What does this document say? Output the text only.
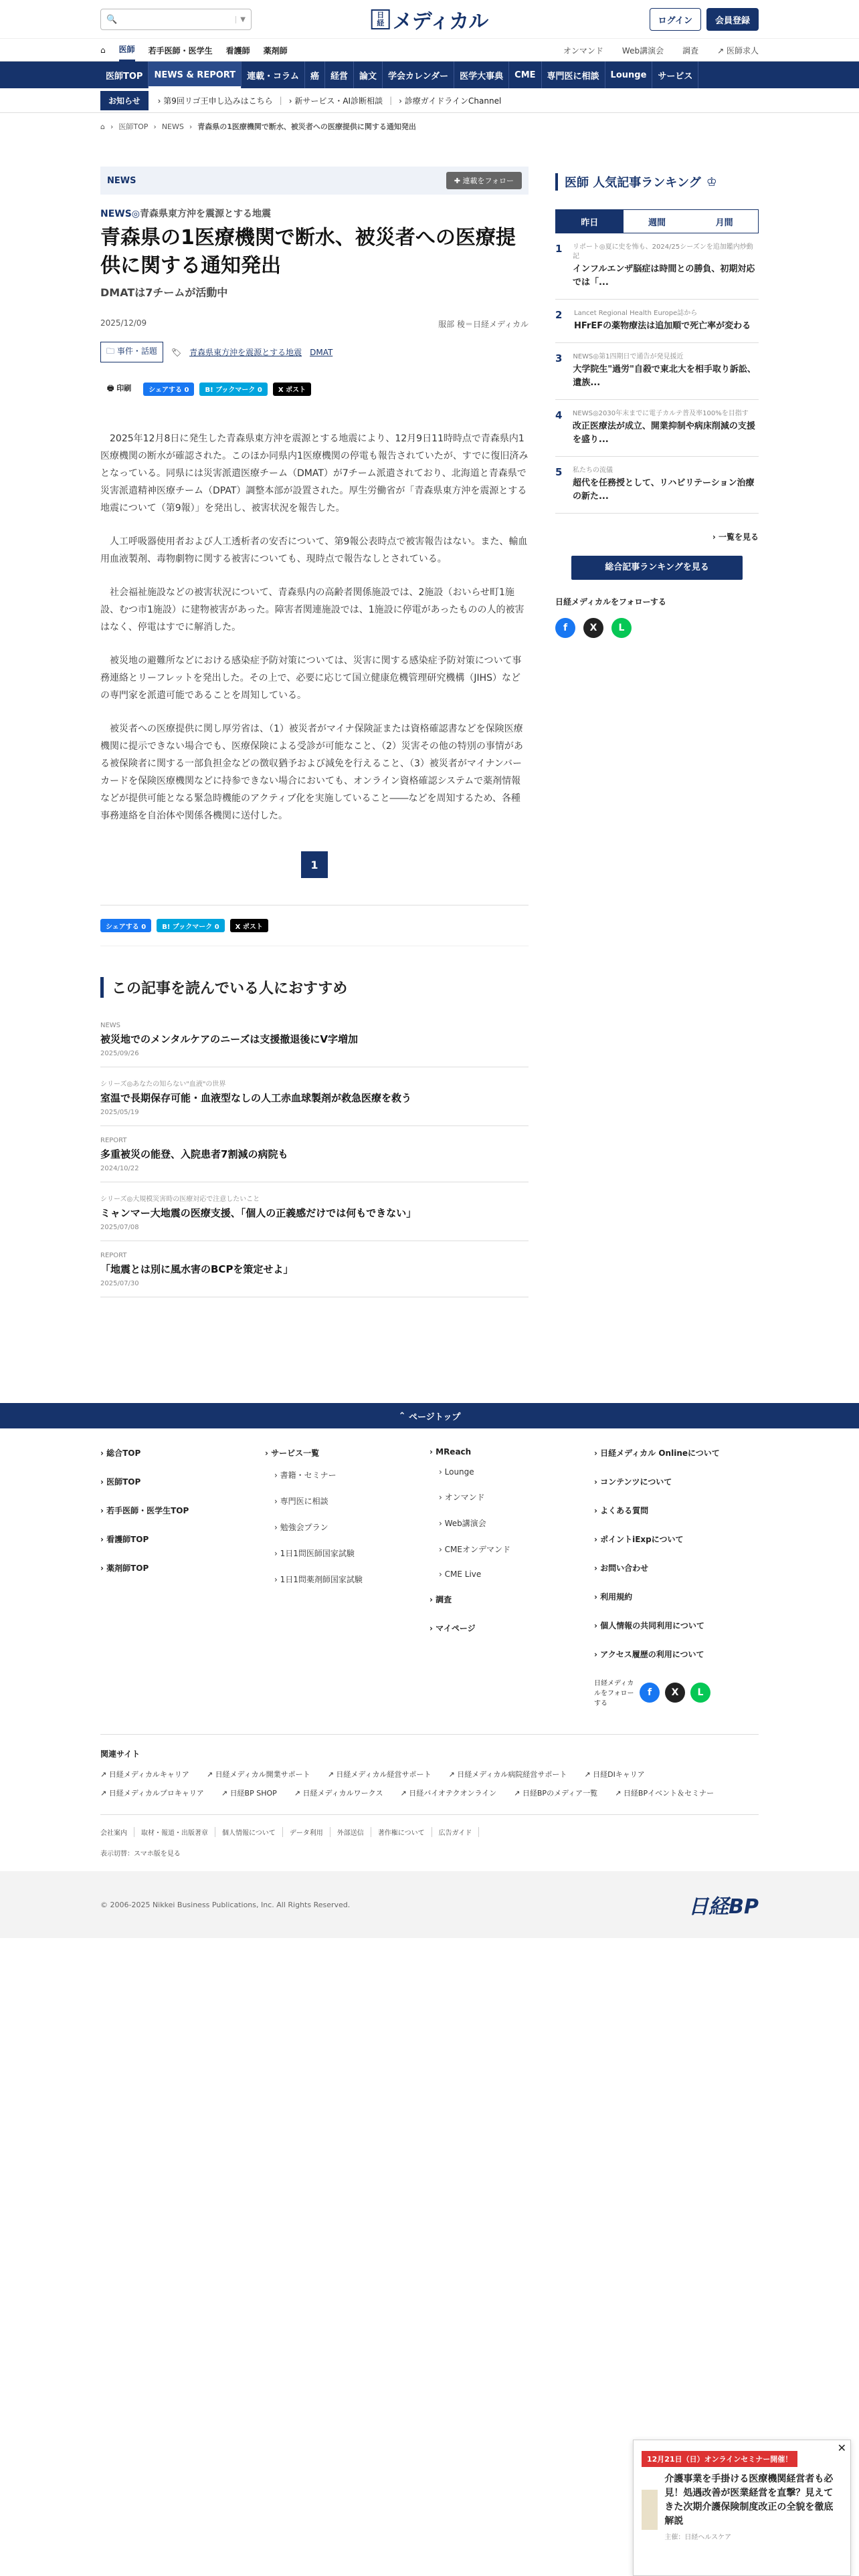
🔍	▼	日経 メディカル	ログイン	会員登録
⌂ 医師 若手医師・医学生 看護師 薬剤師	オンマンド Web講演会 調査 ↗ 医師求人
医師TOP	NEWS & REPORT	連載・コラム	癌	経営	論文	学会カレンダー	医学大事典	CME	専門医に相談	Lounge	サービス
お知らせ	› 第9回リゴ王申し込みはこちら | › 新サービス・AI診断相談 | › 診療ガイドラインChannel
⌂ › 医師TOP › NEWS › 青森県の1医療機関で断水、被災者への医療提供に関する通知発出
NEWS	✚ 連載をフォロー
NEWS◎青森県東方沖を震源とする地震
青森県の1医療機関で断水、被災者への医療提供に関する通知発出
DMATは7チームが活動中
2025/12/09	服部 稜＝日経メディカル
🗀 事件・話題	🏷 青森県東方沖を震源とする地震 DMAT
🖶 印刷	シェアする 0	B! ブックマーク 0	X ポスト

2025年12月8日に発生した青森県東方沖を震源とする地震により、12月9日11時時点で青森県内1医療機関の断水が確認された。このほか同県内1医療機関の停電も報告されていたが、すでに復旧済みとなっている。同県には災害派遣医療チーム（DMAT）が7チーム派遣されており、北海道と青森県で災害派遣精神医療チーム（DPAT）調整本部が設置された。厚生労働省が「青森県東方沖を震源とする地震について（第9報）」を発出し、被害状況を報告した。

人工呼吸器使用者および人工透析者の安否について、第9報公表時点で被害報告はない。また、輸血用血液製剤、毒物劇物に関する被害についても、現時点で報告なしとされている。

社会福祉施設などの被害状況について、青森県内の高齢者関係施設では、2施設（おいらせ町1施設、むつ市1施設）に建物被害があった。障害者関連施設では、1施設に停電があったものの人的被害はなく、停電はすでに解消した。

被災地の避難所などにおける感染症予防対策については、災害に関する感染症予防対策について事務連絡とリーフレットを発出した。その上で、必要に応じて国立健康危機管理研究機構（JIHS）などの専門家を派遣可能であることを周知している。

被災者への医療提供に関し厚労省は、（1）被災者がマイナ保険証または資格確認書などを保険医療機関に提示できない場合でも、医療保険による受診が可能なこと、（2）災害その他の特別の事情がある被保険者に関する一部負担金などの徴収猶予および減免を行えること、（3）被災者がマイナンバーカードを保険医療機関などに持参できない場合においても、オンライン資格確認システムで薬剤情報などが提供可能となる緊急時機能のアクティブ化を実施していること――などを周知するため、各種事務連絡を自治体や関係各機関に送付した。

1
シェアする 0	B! ブックマーク 0	X ポスト
この記事を読んでいる人におすすめ
NEWS
被災地でのメンタルケアのニーズは支援撤退後にV字増加
2025/09/26
シリーズ◎あなたの知らない"血液"の世界
室温で長期保存可能・血液型なしの人工赤血球製剤が救急医療を救う
2025/05/19
REPORT
多重被災の能登、入院患者7割減の病院も
2024/10/22
シリーズ◎大規模災害時の医療対応で注意したいこと
ミャンマー大地震の医療支援、「個人の正義感だけでは何もできない」
2025/07/08
REPORT
「地震とは別に風水害のBCPを策定せよ」
2025/07/30
医師 人気記事ランキング ♔
昨日	週間	月間
1 リポート◎夏に史を怖も、2024/25シーズンを追加鑑内炒動記
インフルエンザ脳症は時間との勝負、初期対応では「...
2	Lancet Regional Health Europe誌から
HFrEFの薬物療法は追加順で死亡率が変わる
3 NEWS◎第1四期日で通告が発見援近
大学院生"過労"自殺で東北大を相手取り訴訟、遺族...
4 NEWS◎2030年末までに電子カルテ普及率100%を目指す
改正医療法が成立、開業抑制や病床削減の支援を盛り...
5 私たちの流儀
超代を任務授として、リハビリテーション治療の新た...
› 一覧を見る
総合記事ランキングを見る
日経メディカルをフォローする
f	X	L
⌃
ページトップ
› 総合TOP
› 医師TOP
› 若手医師・医学生TOP
› 看護師TOP
› 薬剤師TOP
› サービス一覧
› 書籍・セミナー
› 専門医に相談
› 勉強会プラン
› 1日1問医師国家試験
› 1日1問薬剤師国家試験
› MReach
› Lounge
› オンマンド
› Web講演会
› CMEオンデマンド
› CME Live
› 調査
› マイページ
› 日経メディカル Onlineについて
› コンテンツについて
› よくある質問
› ポイントiExpについて
› お問い合わせ
› 利用規約
› 個人情報の共同利用について
› アクセス履歴の利用について
日経メディカルをフォローする
f	X	L
関連サイト
↗ 日経メディカルキャリア ↗ 日経メディカル開業サポート ↗ 日経メディカル経営サポート ↗ 日経メディカル病院経営サポート ↗ 日経DIキャリア
↗ 日経メディカルプロキャリア ↗ 日経BP SHOP ↗ 日経メディカルワークス ↗ 日経バイオテクオンライン ↗ 日経BPのメディア一覧 ↗ 日経BPイベント＆セミナー
会社案内	取材・報道・出版著章	個人情報について	データ利用	外部送信	著作権について	広告ガイド
表示切替：スマホ版を見る
© 2006-2025 Nikkei Business Publications, Inc. All Rights Reserved.	日経BP
✕
12月21日（日）オンラインセミナー開催！
介護事業を手掛ける医療機関経営者も必見！処遇改善が医業経営を直撃？見えてきた次期介護保険制度改正の全貌を徹底解説
主催：日経ヘルスケア
